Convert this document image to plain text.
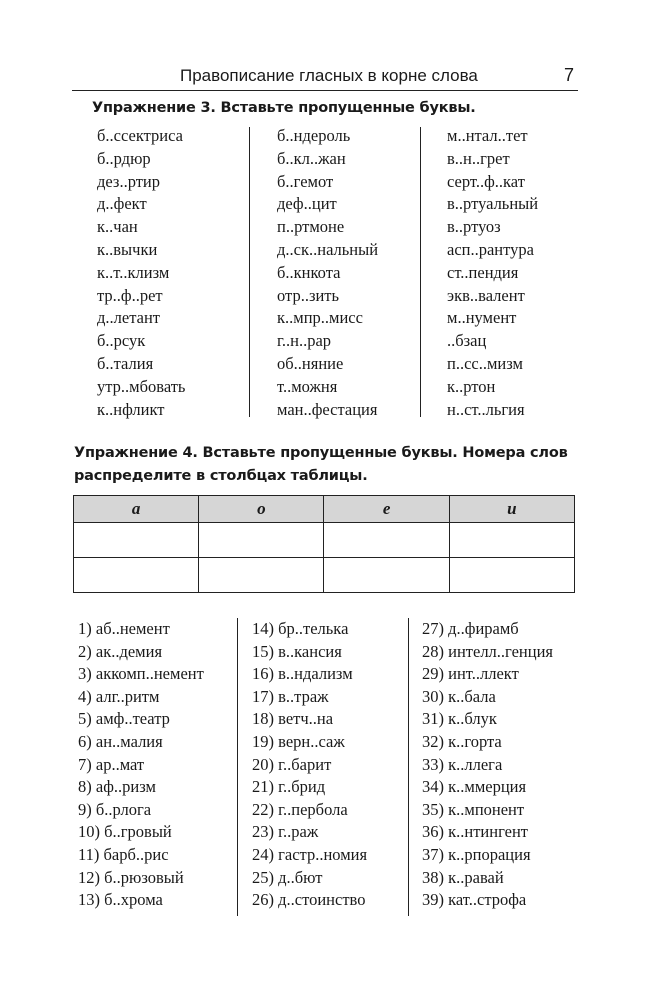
Правописание гласных в корне слова	7
Упражнение 3. Вставьте пропущенные буквы.
б..ссектриса
б..рдюр
дез..ртир
д..фект
к..чан
к..вычки
к..т..клизм
тр..ф..рет
д..летант
б..рсук
б..талия
утр..мбовать
к..нфликт
б..ндероль
б..кл..жан
б..гемот
деф..цит
п..ртмоне
д..ск..нальный
б..кнкота
отр..зить
к..мпр..мисс
г..н..рар
об..няние
т..можня
ман..фестация
м..нтал..тет
в..н..грет
серт..ф..кат
в..ртуальный
в..ртуоз
асп..рантура
ст..пендия
экв..валент
м..нумент
..бзац
п..сс..мизм
к..ртон
н..ст..льгия
Упражнение 4. Вставьте пропущенные буквы. Номера слов распределите в столбцах таблицы.
а	о	е	и

1) аб..немент
2) ак..демия
3) аккомп..немент
4) алг..ритм
5) амф..театр
6) ан..малия
7) ар..мат
8) аф..ризм
9) б..рлога
10) б..гровый
11) барб..рис
12) б..рюзовый
13) б..хрома
14) бр..телька
15) в..кансия
16) в..ндализм
17) в..траж
18) ветч..на
19) верн..саж
20) г..барит
21) г..брид
22) г..пербола
23) г..раж
24) гастр..номия
25) д..бют
26) д..стоинство
27) д..фирамб
28) интелл..генция
29) инт..ллект
30) к..бала
31) к..блук
32) к..горта
33) к..ллега
34) к..ммерция
35) к..мпонент
36) к..нтингент
37) к..рпорация
38) к..равай
39) кат..строфа
